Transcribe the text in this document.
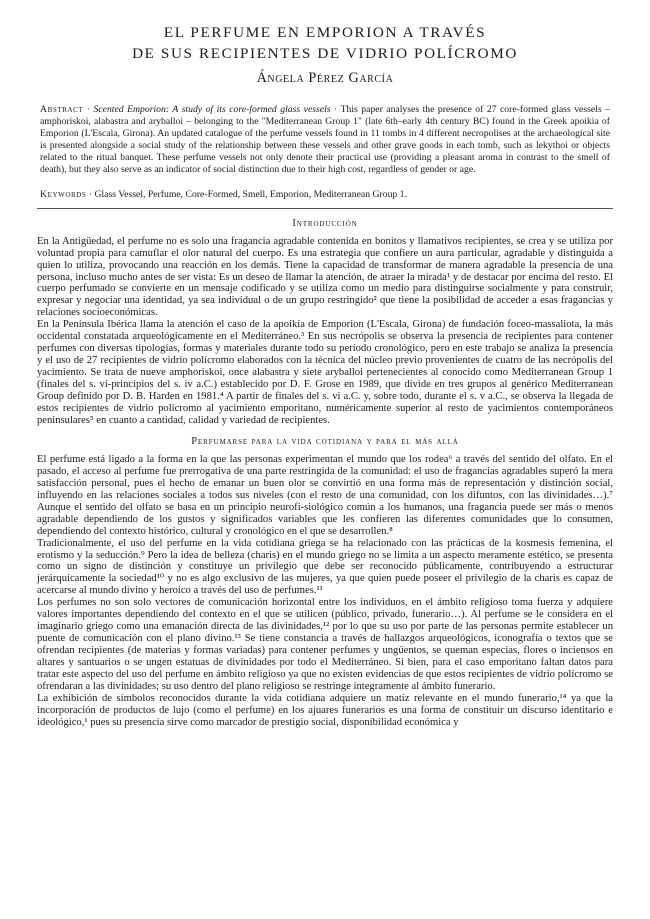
EL PERFUME EN EMPORION A TRAVÉS
DE SUS RECIPIENTES DE VIDRIO POLÍCROMO
Ángela Pérez García

Abstract · Scented Emporion: A study of its core-formed glass vessels · This paper analyses the presence of 27 core-formed glass vessels – amphoriskoi, alabastra and aryballoi – belonging to the "Mediterranean Group 1" (late 6th–early 4th century BC) found in the Greek apoikia of Emporion (L'Escala, Girona). An updated catalogue of the perfume vessels found in 11 tombs in 4 different necropolises at the archaeological site is presented alongside a social study of the relationship between these vessels and other grave goods in each tomb, such as lekythoi or objects related to the ritual banquet. These perfume vessels not only denote their practical use (providing a pleasant aroma in contrast to the smell of death), but they also serve as an indicator of social distinction due to their high cost, regardless of gender or age.

Keywords · Glass Vessel, Perfume, Core-Formed, Smell, Emporion, Mediterranean Group 1.

Introducción

En la Antigüedad, el perfume no es solo una fragancia agradable contenida en bonitos y llamativos recipientes, se crea y se utiliza por voluntad propia para camuflar el olor natural del cuerpo. Es una estrategia que confiere un aura particular, agradable y distinguida a quien lo utiliza, provocando una reacción en los demás. Tiene la capacidad de transformar de manera agradable la presencia de una persona, incluso mucho antes de ser vista: Es un deseo de llamar la atención, de atraer la mirada¹ y de destacar por encima del resto. El cuerpo perfumado se convierte en un mensaje codificado y se utiliza como un medio para distinguirse socialmente y para construir, expresar y negociar una identidad, ya sea individual o de un grupo restringido² que tiene la posibilidad de acceder a esas fragancias y relaciones socioeconómicas.

En la Península Ibérica llama la atención el caso de la apoikía de Emporion (L'Escala, Girona) de fundación foceo-massaliota, la más occidental constatada arqueológicamente en el Mediterráneo.³ En sus necrópolis se observa la presencia de recipientes para contener perfumes con diversas tipologías, formas y materiales durante todo su período cronológico, pero en este trabajo se analiza la presencia y el uso de 27 recipientes de vidrio polícromo elaborados con la técnica del núcleo previo provenientes de cuatro de las necrópolis del yacimiento. Se trata de nueve amphoriskoi, once alabastra y siete aryballoi pertenecientes al conocido como Mediterranean Group 1 (finales del s. vi-principios del s. iv a.C.) establecido por D. F. Grose en 1989, que divide en tres grupos al genérico Mediterranean Group definido por D. B. Harden en 1981.⁴ A partir de finales del s. vi a.C. y, sobre todo, durante el s. v a.C., se observa la llegada de estos recipientes de vidrio polícromo al yacimiento emporitano, numéricamente superior al resto de yacimientos contemporáneos peninsulares⁵ en cuanto a cantidad, calidad y variedad de recipientes.

Perfumarse para la vida cotidiana y para el más allá

El perfume está ligado a la forma en la que las personas experimentan el mundo que los rodea⁶ a través del sentido del olfato. En el pasado, el acceso al perfume fue prerrogativa de una parte restringida de la comunidad: el uso de fragancias agradables superó la mera satisfacción personal, pues el hecho de emanar un buen olor se convirtió en una forma más de representación y distinción social, influyendo en las relaciones sociales a todos sus niveles (con el resto de una comunidad, con los difuntos, con las divinidades…).⁷ Aunque el sentido del olfato se basa en un principio neurofi-siológico común a los humanos, una fragancia puede ser más o menos agradable dependiendo de los gustos y significados variables que les confieren las diferentes comunidades que lo consumen, dependiendo del contexto histórico, cultural y cronológico en el que se desarrollen.⁸

Tradicionalmente, el uso del perfume en la vida cotidiana griega se ha relacionado con las prácticas de la kosmesis femenina, el erotismo y la seducción.⁹ Pero la idea de belleza (charis) en el mundo griego no se limita a un aspecto meramente estético, se presenta como un signo de distinción y constituye un privilegio que debe ser reconocido públicamente, contribuyendo a estructurar jerárquicamente la sociedad¹⁰ y no es algo exclusivo de las mujeres, ya que quien puede poseer el privilegio de la charis es capaz de acercarse al mundo divino y heroico a través del uso de perfumes.¹¹

Los perfumes no son solo vectores de comunicación horizontal entre los individuos, en el ámbito religioso toma fuerza y adquiere valores importantes dependiendo del contexto en el que se utilicen (público, privado, funerario…). Al perfume se le considera en el imaginario griego como una emanación directa de las divinidades,¹² por lo que su uso por parte de las personas permite establecer un puente de comunicación con el plano divino.¹³ Se tiene constancia a través de hallazgos arqueológicos, iconografía o textos que se ofrendan recipientes (de materias y formas variadas) para contener perfumes y ungüentos, se queman especias, flores o inciensos en altares y santuarios o se ungen estatuas de divinidades por todo el Mediterráneo. Si bien, para el caso emporitano faltan datos para tratar este aspecto del uso del perfume en ámbito religioso ya que no existen evidencias de que estos recipientes de vidrio polícromo se ofrendaran a las divinidades; su uso dentro del plano religioso se restringe íntegramente al ámbito funerario.

La exhibición de símbolos reconocidos durante la vida cotidiana adquiere un matiz relevante en el mundo funerario,¹⁴ ya que la incorporación de productos de lujo (como el perfume) en los ajuares funerarios es una forma de constituir un discurso identitario e ideológico,¹ pues su presencia sirve como marcador de prestigio social, disponibilidad económica y
